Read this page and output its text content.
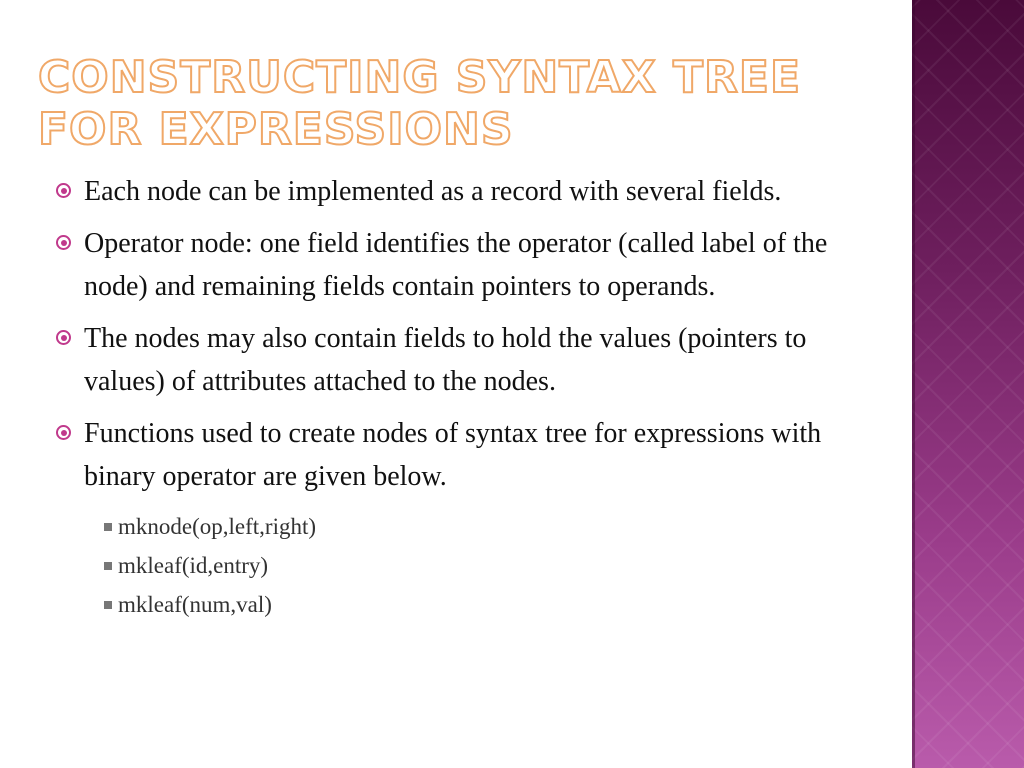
CONSTRUCTING SYNTAX TREE FOR EXPRESSIONS

Each node can be implemented as a record with several fields.

Operator node: one field identifies the operator (called label of the node) and remaining fields contain pointers to operands.

The nodes may also contain fields to hold the values (pointers to values) of attributes attached to the nodes.

Functions used to create nodes of syntax tree for expressions with binary operator are given below.

mknode(op,left,right)

mkleaf(id,entry)

mkleaf(num,val)
